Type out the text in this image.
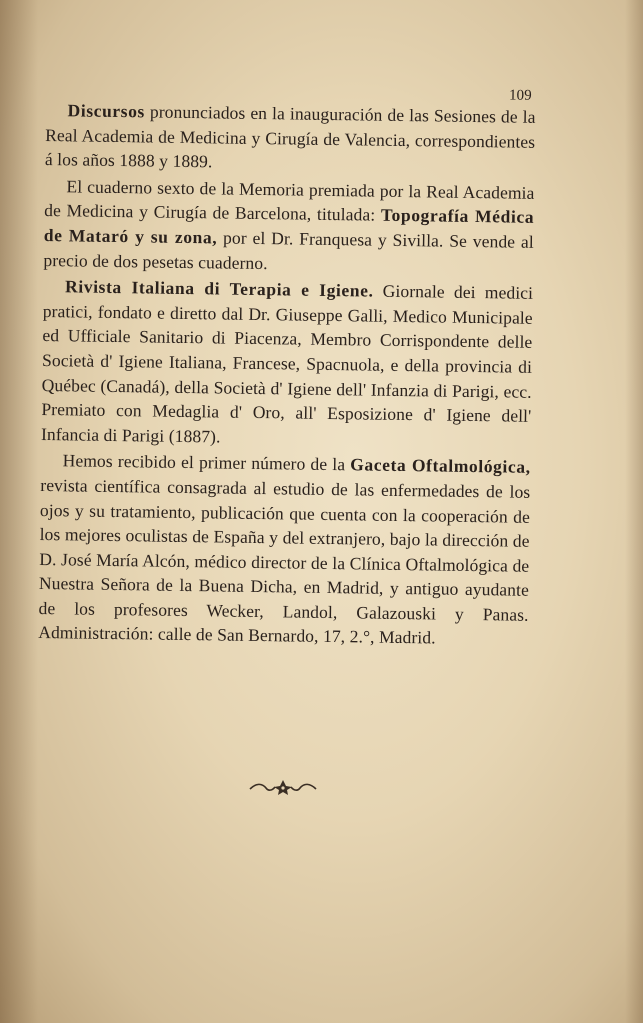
109

Discursos pronunciados en la inauguración de las Sesiones de la Real Academia de Medicina y Cirugía de Valencia, correspondientes á los años 1888 y 1889.

El cuaderno sexto de la Memoria premiada por la Real Academia de Medicina y Cirugía de Barcelona, titulada: Topografía Médica de Mataró y su zona, por el Dr. Franquesa y Sivilla. Se vende al precio de dos pesetas cuaderno.

Rivista Italiana di Terapia e Igiene. Giornale dei medici pratici, fondato e diretto dal Dr. Giuseppe Galli, Medico Municipale ed Ufficiale Sanitario di Piacenza, Membro Corrispondente delle Società d' Igiene Italiana, Francese, Spacnuola, e della provincia di Québec (Canadá), della Società d' Igiene dell' Infanzia di Parigi, ecc. Premiato con Medaglia d' Oro, all' Esposizione d' Igiene dell' Infancia di Parigi (1887).

Hemos recibido el primer número de la Gaceta Oftalmológica, revista científica consagrada al estudio de las enfermedades de los ojos y su tratamiento, publicación que cuenta con la cooperación de los mejores oculistas de España y del extranjero, bajo la dirección de D. José María Alcón, médico director de la Clínica Oftalmológica de Nuestra Señora de la Buena Dicha, en Madrid, y antiguo ayudante de los profesores Wecker, Landol, Galazouski y Panas. Administración: calle de San Bernardo, 17, 2.°, Madrid.
